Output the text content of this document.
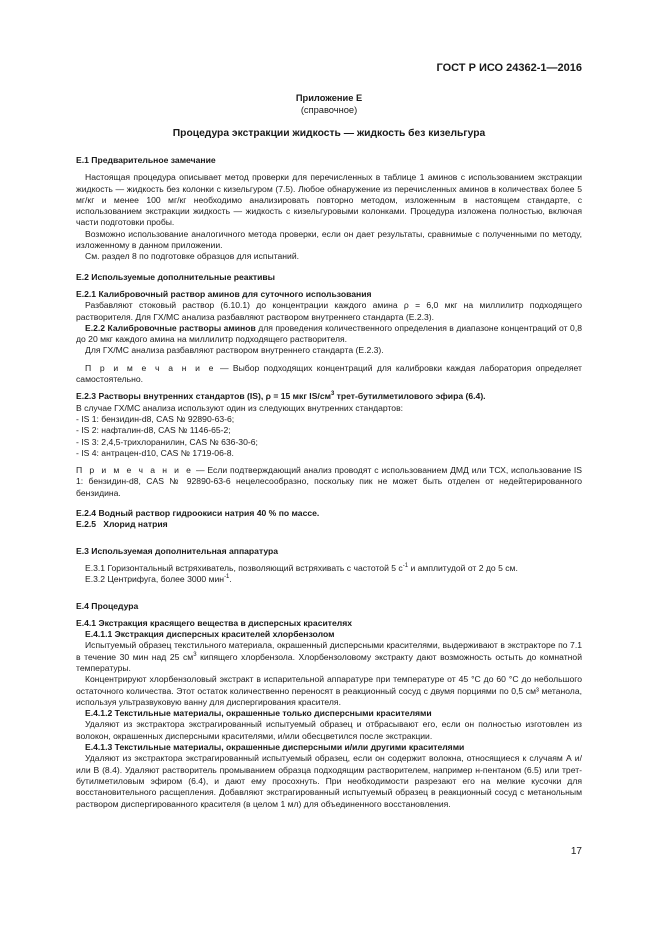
ГОСТ Р ИСО 24362-1—2016
Приложение Е
(справочное)
Процедура экстракции жидкость — жидкость без кизельгура

Е.1 Предварительное замечание

Настоящая процедура описывает метод проверки для перечисленных в таблице 1 аминов с использованием экстракции жидкость — жидкость без колонки с кизельгуром (7.5). Любое обнаружение из перечисленных аминов в количествах более 5 мг/кг и менее 100 мг/кг необходимо анализировать повторно методом, изложенным в настоящем стандарте, с использованием экстракции жидкость — жидкость с кизельгуровыми колонками. Процедура изложена полностью, включая части подготовки пробы.

Возможно использование аналогичного метода проверки, если он дает результаты, сравнимые с полученными по методу, изложенному в данном приложении.

См. раздел 8 по подготовке образцов для испытаний.

Е.2 Используемые дополнительные реактивы

Е.2.1 Калибровочный раствор аминов для суточного использования

Разбавляют стоковый раствор (6.10.1) до концентрации каждого амина ρ = 6,0 мкг на миллилитр подходящего растворителя. Для ГХ/МС анализа разбавляют раствором внутреннего стандарта (Е.2.3).

Е.2.2 Калибровочные растворы аминов для проведения количественного определения в диапазоне концентраций от 0,8 до 20 мкг каждого амина на миллилитр подходящего растворителя.

Для ГХ/МС анализа разбавляют раствором внутреннего стандарта (Е.2.3).

П р и м е ч а н и е — Выбор подходящих концентраций для калибровки каждая лаборатория определяет самостоятельно.

Е.2.3 Растворы внутренних стандартов (IS), ρ = 15 мкг $IS/см^3$ трет-бутилметилового эфира (6.4).

В случае ГХ/МС анализа используют один из следующих внутренних стандартов:

- IS 1: бензидин-d8, CAS № 92890-63-6;

- IS 2: нафталин-d8, CAS № 1146-65-2;

- IS 3: 2,4,5-трихлоранилин, CAS № 636-30-6;

- IS 4: антрацен-d10, CAS № 1719-06-8.

П р и м е ч а н и е — Если подтверждающий анализ проводят с использованием ДМД или ТСХ, использование IS 1: бензидин-d8, CAS № 92890-63-6 нецелесообразно, поскольку пик не может быть отделен от недейтерированного бензидина.

Е.2.4 Водный раствор гидроокиси натрия 40 % по массе.

Е.2.5   Хлорид натрия

Е.3 Используемая дополнительная аппаратура

Е.3.1 Горизонтальный встряхиватель, позволяющий встряхивать с частотой 5 $с^{-1}$ и амплитудой от 2 до 5 см.

Е.3.2 Центрифуга, более 3000 мин$^{-1}$.

Е.4 Процедура

Е.4.1 Экстракция красящего вещества в дисперсных красителях

Е.4.1.1 Экстракция дисперсных красителей хлорбензолом

Испытуемый образец текстильного материала, окрашенный дисперсными красителями, выдерживают в экстракторе по 7.1 в течение 30 мин над 25 $см^3$ кипящего хлорбензола. Хлорбензоловому экстракту дают возможность остыть до комнатной температуры.

Концентрируют хлорбензоловый экстракт в испарительной аппаратуре при температуре от 45 °С до 60 °С до небольшого остаточного количества. Этот остаток количественно переносят в реакционный сосуд с двумя порциями по 0,5 см³ метанола, используя ультразвуковую ванну для диспергирования красителя.

Е.4.1.2 Текстильные материалы, окрашенные только дисперсными красителями

Удаляют из экстрактора экстрагированный испытуемый образец и отбрасывают его, если он полностью изготовлен из волокон, окрашенных дисперсными красителями, и/или обесцветился после экстракции.

Е.4.1.3 Текстильные материалы, окрашенные дисперсными и/или другими красителями

Удаляют из экстрактора экстрагированный испытуемый образец, если он содержит волокна, относящиеся к случаям А и/или В (8.4). Удаляют растворитель промыванием образца подходящим растворителем, например н-пентаном (6.5) или трет-бутилметиловым эфиром (6.4), и дают ему просохнуть. При необходимости разрезают его на мелкие кусочки для восстановительного расщепления. Добавляют экстрагированный испытуемый образец в реакционный сосуд с метанольным раствором диспергированного красителя (в целом 1 мл) для объединенного восстановления.

17
